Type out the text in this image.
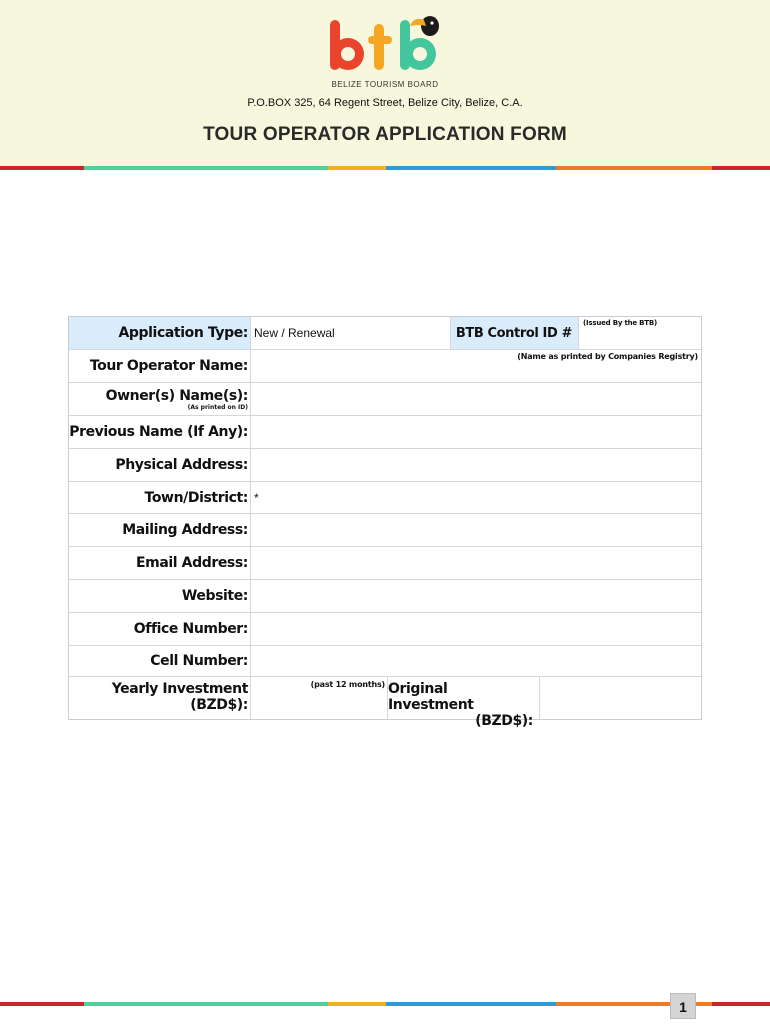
BELIZE TOURISM BOARD
P.O.BOX 325, 64 Regent Street, Belize City, Belize, C.A.
TOUR OPERATOR APPLICATION FORM
Application Type: New / Renewal	BTB Control ID #
(Issued By the BTB)
Tour Operator Name:
(Name as printed by Companies Registry)
Owner(s) Name(s):
(As printed on ID)
Previous Name (If Any):
Physical Address:
Town/District: *
Mailing Address:
Email Address:
Website:
Office Number:
Cell Number:
Yearly Investment
(BZD$):
(past 12 months) Original Investment
(BZD$):
1
